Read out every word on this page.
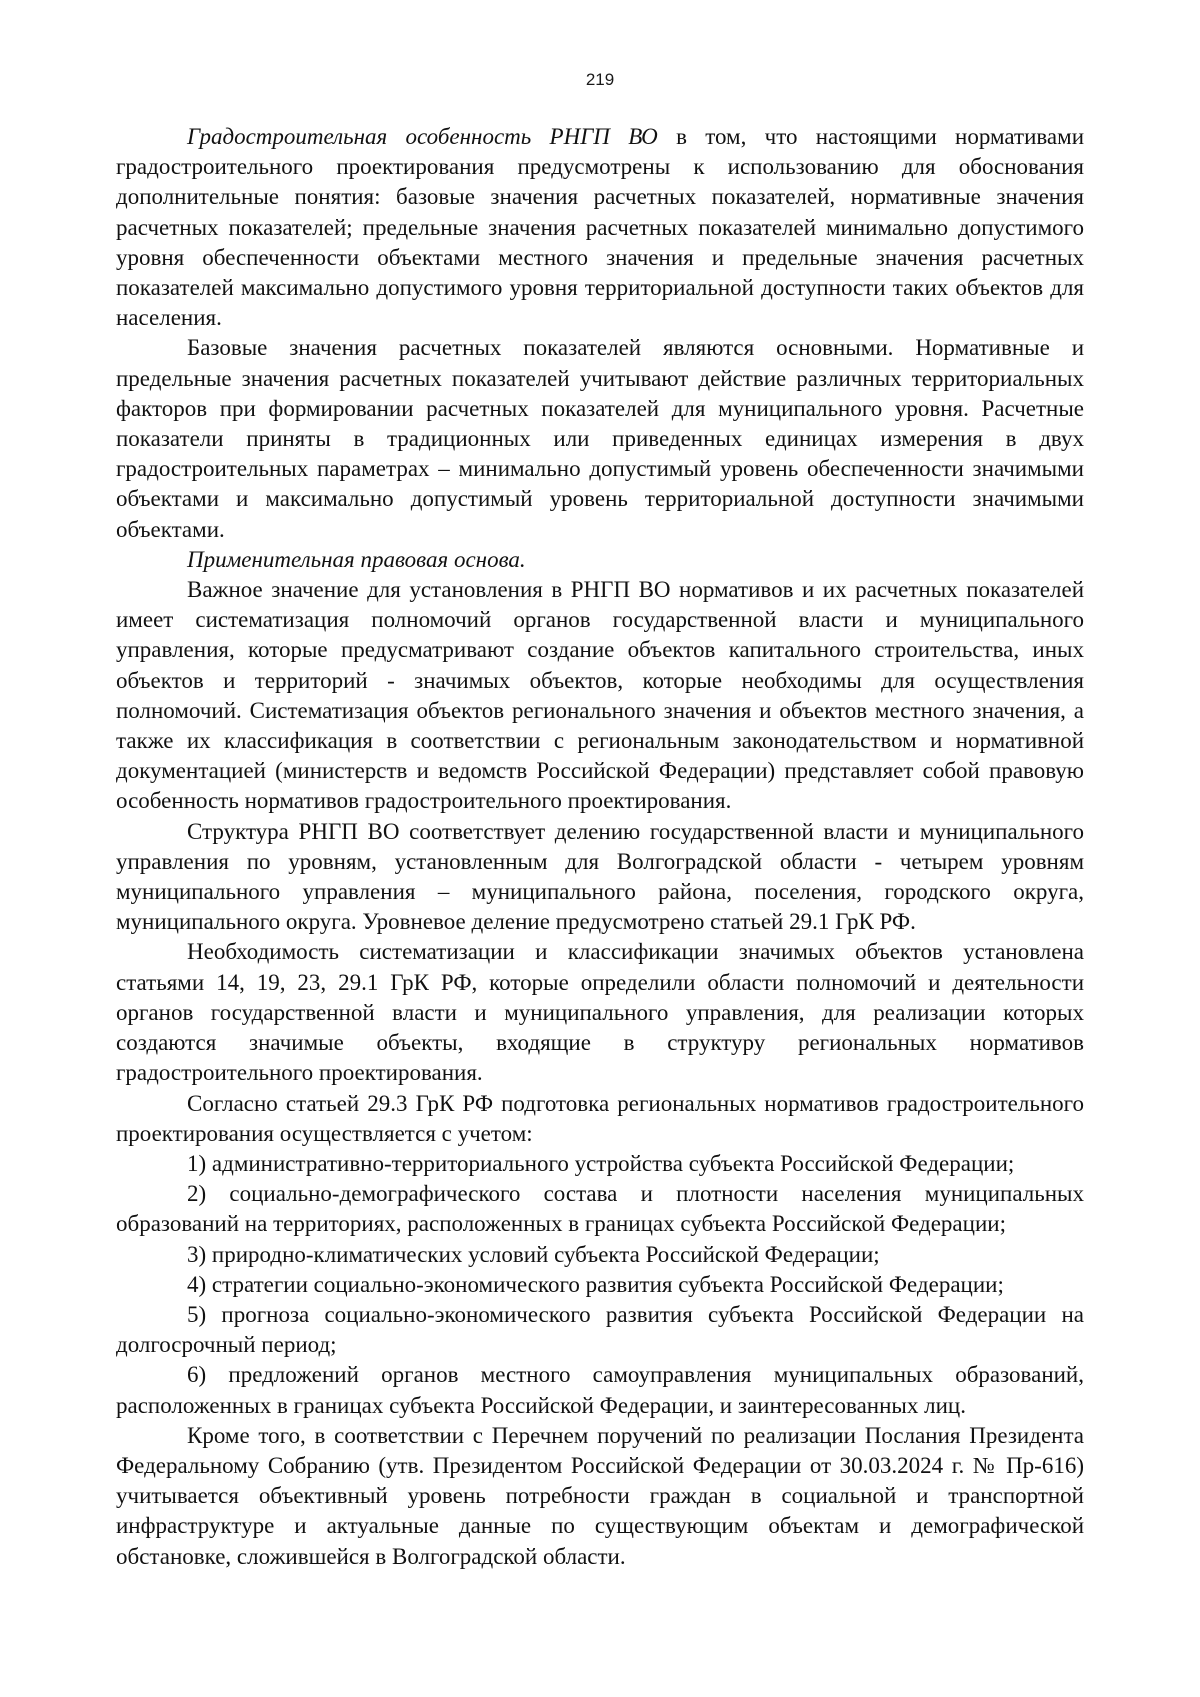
219

Градостроительная особенность РНГП ВО в том, что настоящими нормативами градостроительного проектирования предусмотрены к использованию для обоснования дополнительные понятия: базовые значения расчетных показателей, нормативные значения расчетных показателей; предельные значения расчетных показателей минимально допустимого уровня обеспеченности объектами местного значения и предельные значения расчетных показателей максимально допустимого уровня территориальной доступности таких объектов для населения.

Базовые значения расчетных показателей являются основными. Нормативные и предельные значения расчетных показателей учитывают действие различных территориальных факторов при формировании расчетных показателей для муниципального уровня. Расчетные показатели приняты в традиционных или приведенных единицах измерения в двух градостроительных параметрах – минимально допустимый уровень обеспеченности значимыми объектами и максимально допустимый уровень территориальной доступности значимыми объектами.

Применительная правовая основа.

Важное значение для установления в РНГП ВО нормативов и их расчетных показателей имеет систематизация полномочий органов государственной власти и муниципального управления, которые предусматривают создание объектов капитального строительства, иных объектов и территорий - значимых объектов, которые необходимы для осуществления полномочий. Систематизация объектов регионального значения и объектов местного значения, а также их классификация в соответствии с региональным законодательством и нормативной документацией (министерств и ведомств Российской Федерации) представляет собой правовую особенность нормативов градостроительного проектирования.

Структура РНГП ВО соответствует делению государственной власти и муниципального управления по уровням, установленным для Волгоградской области - четырем уровням муниципального управления – муниципального района, поселения, городского округа, муниципального округа. Уровневое деление предусмотрено статьей 29.1 ГрК РФ.

Необходимость систематизации и классификации значимых объектов установлена статьями 14, 19, 23, 29.1 ГрК РФ, которые определили области полномочий и деятельности органов государственной власти и муниципального управления, для реализации которых создаются значимые объекты, входящие в структуру региональных нормативов градостроительного проектирования.

Согласно статьей 29.3 ГрК РФ подготовка региональных нормативов градостроительного проектирования осуществляется с учетом:

1) административно-территориального устройства субъекта Российской Федерации;

2) социально-демографического состава и плотности населения муниципальных образований на территориях, расположенных в границах субъекта Российской Федерации;

3) природно-климатических условий субъекта Российской Федерации;

4) стратегии социально-экономического развития субъекта Российской Федерации;

5) прогноза социально-экономического развития субъекта Российской Федерации на долгосрочный период;

6) предложений органов местного самоуправления муниципальных образований, расположенных в границах субъекта Российской Федерации, и заинтересованных лиц.

Кроме того, в соответствии с Перечнем поручений по реализации Послания Президента Федеральному Собранию (утв. Президентом Российской Федерации от 30.03.2024 г. № Пр-616) учитывается объективный уровень потребности граждан в социальной и транспортной инфраструктуре и актуальные данные по существующим объектам и демографической обстановке, сложившейся в Волгоградской области.
